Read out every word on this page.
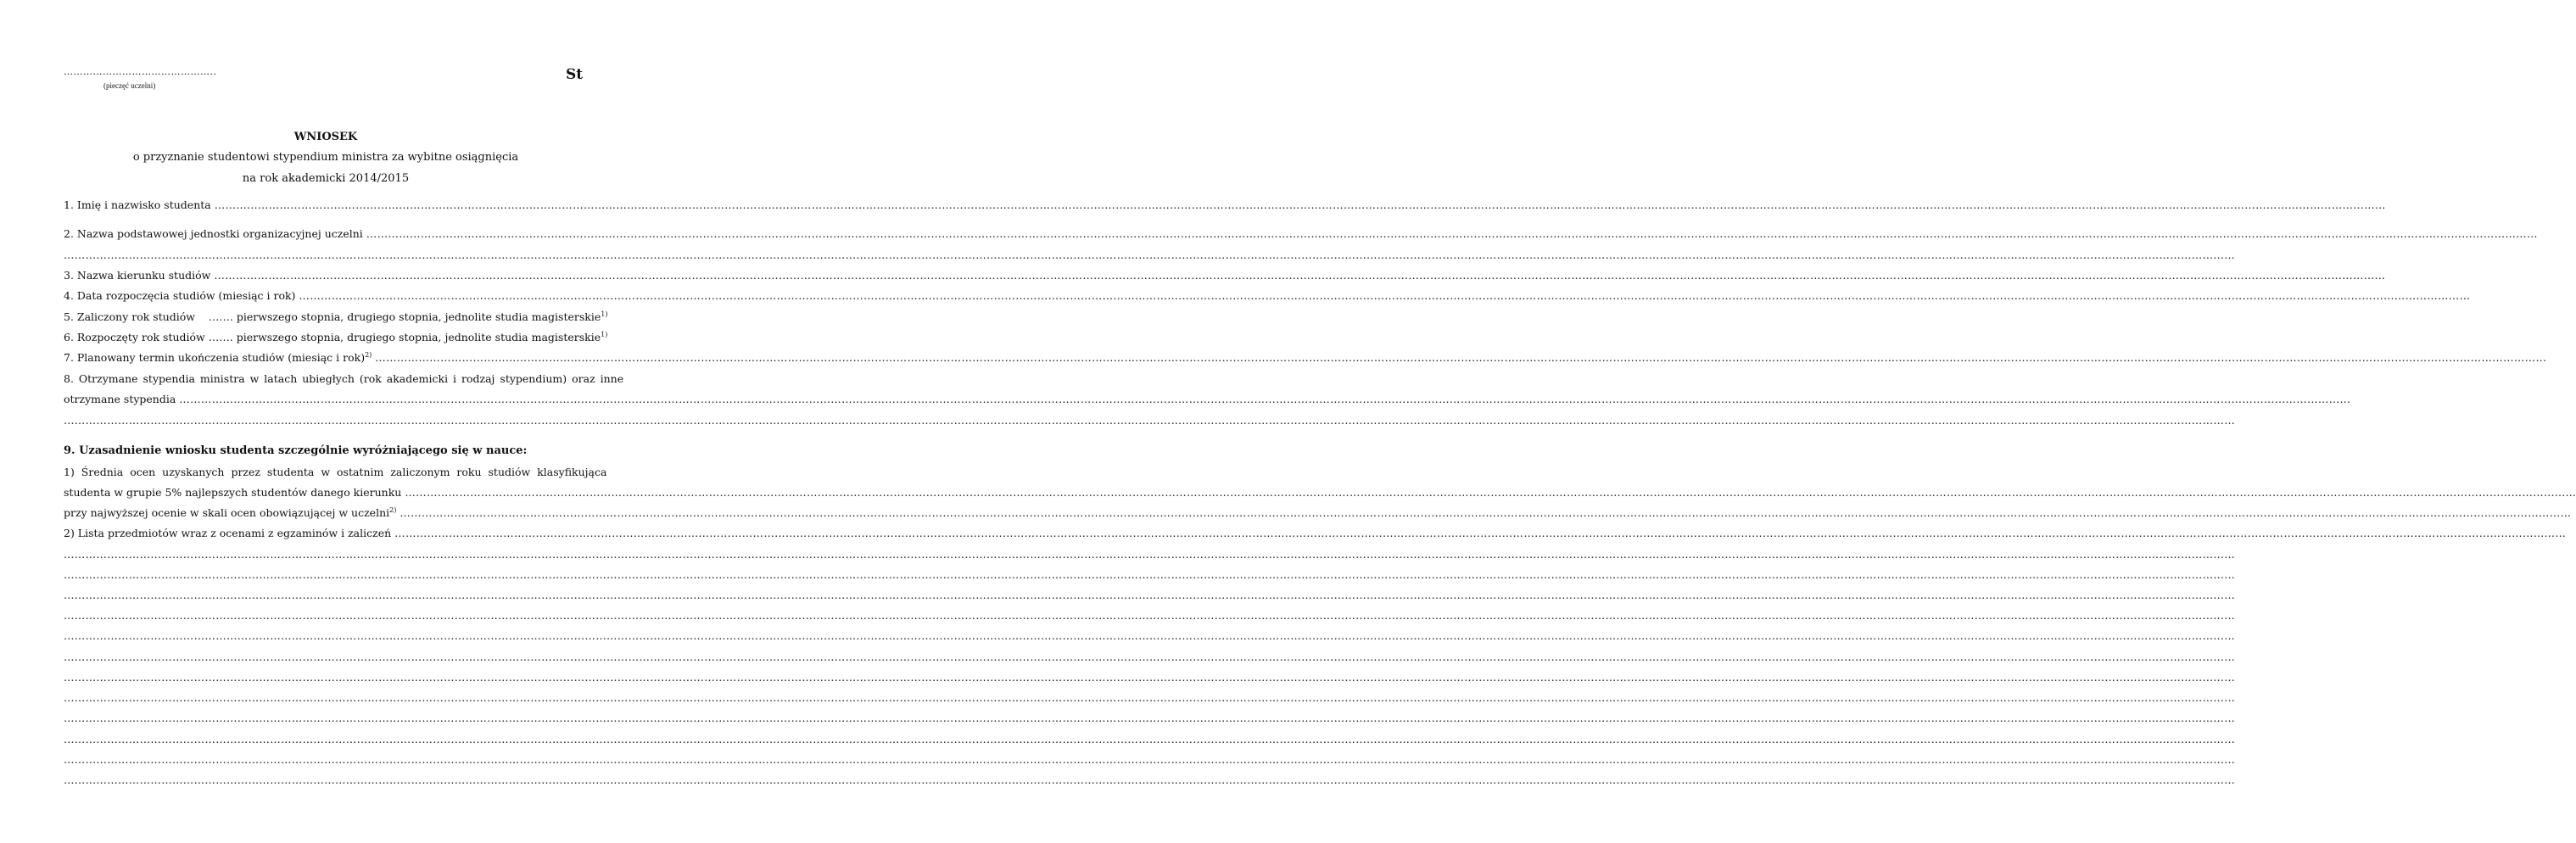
………………………………………..
(pieczęć uczelni)
St
WNIOSEK
o przyznanie studentowi stypendium ministra za wybitne osiągnięcia
na rok akademicki 2014/2015
1. Imię i nazwisko studenta ……………………………………………………………………………………………………………………………………………………………………………………………………………………………………………………………………………………………………………………………………………………………………………………………………………………………………………………………………………………………………………………………………………………
2. Nazwa podstawowej jednostki organizacyjnej uczelni ……………………………………………………………………………………………………………………………………………………………………………………………………………………………………………………………………………………………………………………………………………………………………………………………………………………………………………………………………………………………………………………………………………………
……………………………………………………………………………………………………………………………………………………………………………………………………………………………………………………………………………………………………………………………………………………………………………………………………………………………………………………………………………………………………………………………………………………
3. Nazwa kierunku studiów ……………………………………………………………………………………………………………………………………………………………………………………………………………………………………………………………………………………………………………………………………………………………………………………………………………………………………………………………………………………………………………………………………………………
4. Data rozpoczęcia studiów (miesiąc i rok) ……………………………………………………………………………………………………………………………………………………………………………………………………………………………………………………………………………………………………………………………………………………………………………………………………………………………………………………………………………………………………………………………………………………
5. Zaliczony rok studiów ……. pierwszego stopnia, drugiego stopnia, jednolite studia magisterskie$^{1)}$
6. Rozpoczęty rok studiów ……. pierwszego stopnia, drugiego stopnia, jednolite studia magisterskie$^{1)}$
7. Planowany termin ukończenia studiów (miesiąc i rok)$^{2)}$ ……………………………………………………………………………………………………………………………………………………………………………………………………………………………………………………………………………………………………………………………………………………………………………………………………………………………………………………………………………………………………………………………………………………
8. Otrzymane stypendia ministra w latach ubiegłych (rok akademicki i rodzaj stypendium) oraz inne
otrzymane stypendia ……………………………………………………………………………………………………………………………………………………………………………………………………………………………………………………………………………………………………………………………………………………………………………………………………………………………………………………………………………………………………………………………………………………
……………………………………………………………………………………………………………………………………………………………………………………………………………………………………………………………………………………………………………………………………………………………………………………………………………………………………………………………………………………………………………………………………………………
9. Uzasadnienie wniosku studenta szczególnie wyróżniającego się w nauce:
1) Średnia ocen uzyskanych przez studenta w ostatnim zaliczonym roku studiów klasyfikująca
studenta w grupie 5% najlepszych studentów danego kierunku ……………………………………………………………………………………………………………………………………………………………………………………………………………………………………………………………………………………………………………………………………………………………………………………………………………………………………………………………………………………………………………………………………………………
przy najwyższej ocenie w skali ocen obowiązującej w uczelni$^{2)}$ ……………………………………………………………………………………………………………………………………………………………………………………………………………………………………………………………………………………………………………………………………………………………………………………………………………………………………………………………………………………………………………………………………………………
2) Lista przedmiotów wraz z ocenami z egzaminów i zaliczeń ……………………………………………………………………………………………………………………………………………………………………………………………………………………………………………………………………………………………………………………………………………………………………………………………………………………………………………………………………………………………………………………………………………………
……………………………………………………………………………………………………………………………………………………………………………………………………………………………………………………………………………………………………………………………………………………………………………………………………………………………………………………………………………………………………………………………………………………
……………………………………………………………………………………………………………………………………………………………………………………………………………………………………………………………………………………………………………………………………………………………………………………………………………………………………………………………………………………………………………………………………………………
……………………………………………………………………………………………………………………………………………………………………………………………………………………………………………………………………………………………………………………………………………………………………………………………………………………………………………………………………………………………………………………………………………………
……………………………………………………………………………………………………………………………………………………………………………………………………………………………………………………………………………………………………………………………………………………………………………………………………………………………………………………………………………………………………………………………………………………
……………………………………………………………………………………………………………………………………………………………………………………………………………………………………………………………………………………………………………………………………………………………………………………………………………………………………………………………………………………………………………………………………………………
……………………………………………………………………………………………………………………………………………………………………………………………………………………………………………………………………………………………………………………………………………………………………………………………………………………………………………………………………………………………………………………………………………………
……………………………………………………………………………………………………………………………………………………………………………………………………………………………………………………………………………………………………………………………………………………………………………………………………………………………………………………………………………………………………………………………………………………
……………………………………………………………………………………………………………………………………………………………………………………………………………………………………………………………………………………………………………………………………………………………………………………………………………………………………………………………………………………………………………………………………………………
……………………………………………………………………………………………………………………………………………………………………………………………………………………………………………………………………………………………………………………………………………………………………………………………………………………………………………………………………………………………………………………………………………………
……………………………………………………………………………………………………………………………………………………………………………………………………………………………………………………………………………………………………………………………………………………………………………………………………………………………………………………………………………………………………………………………………………………
……………………………………………………………………………………………………………………………………………………………………………………………………………………………………………………………………………………………………………………………………………………………………………………………………………………………………………………………………………………………………………………………………………………
……………………………………………………………………………………………………………………………………………………………………………………………………………………………………………………………………………………………………………………………………………………………………………………………………………………………………………………………………………………………………………………………………………………
